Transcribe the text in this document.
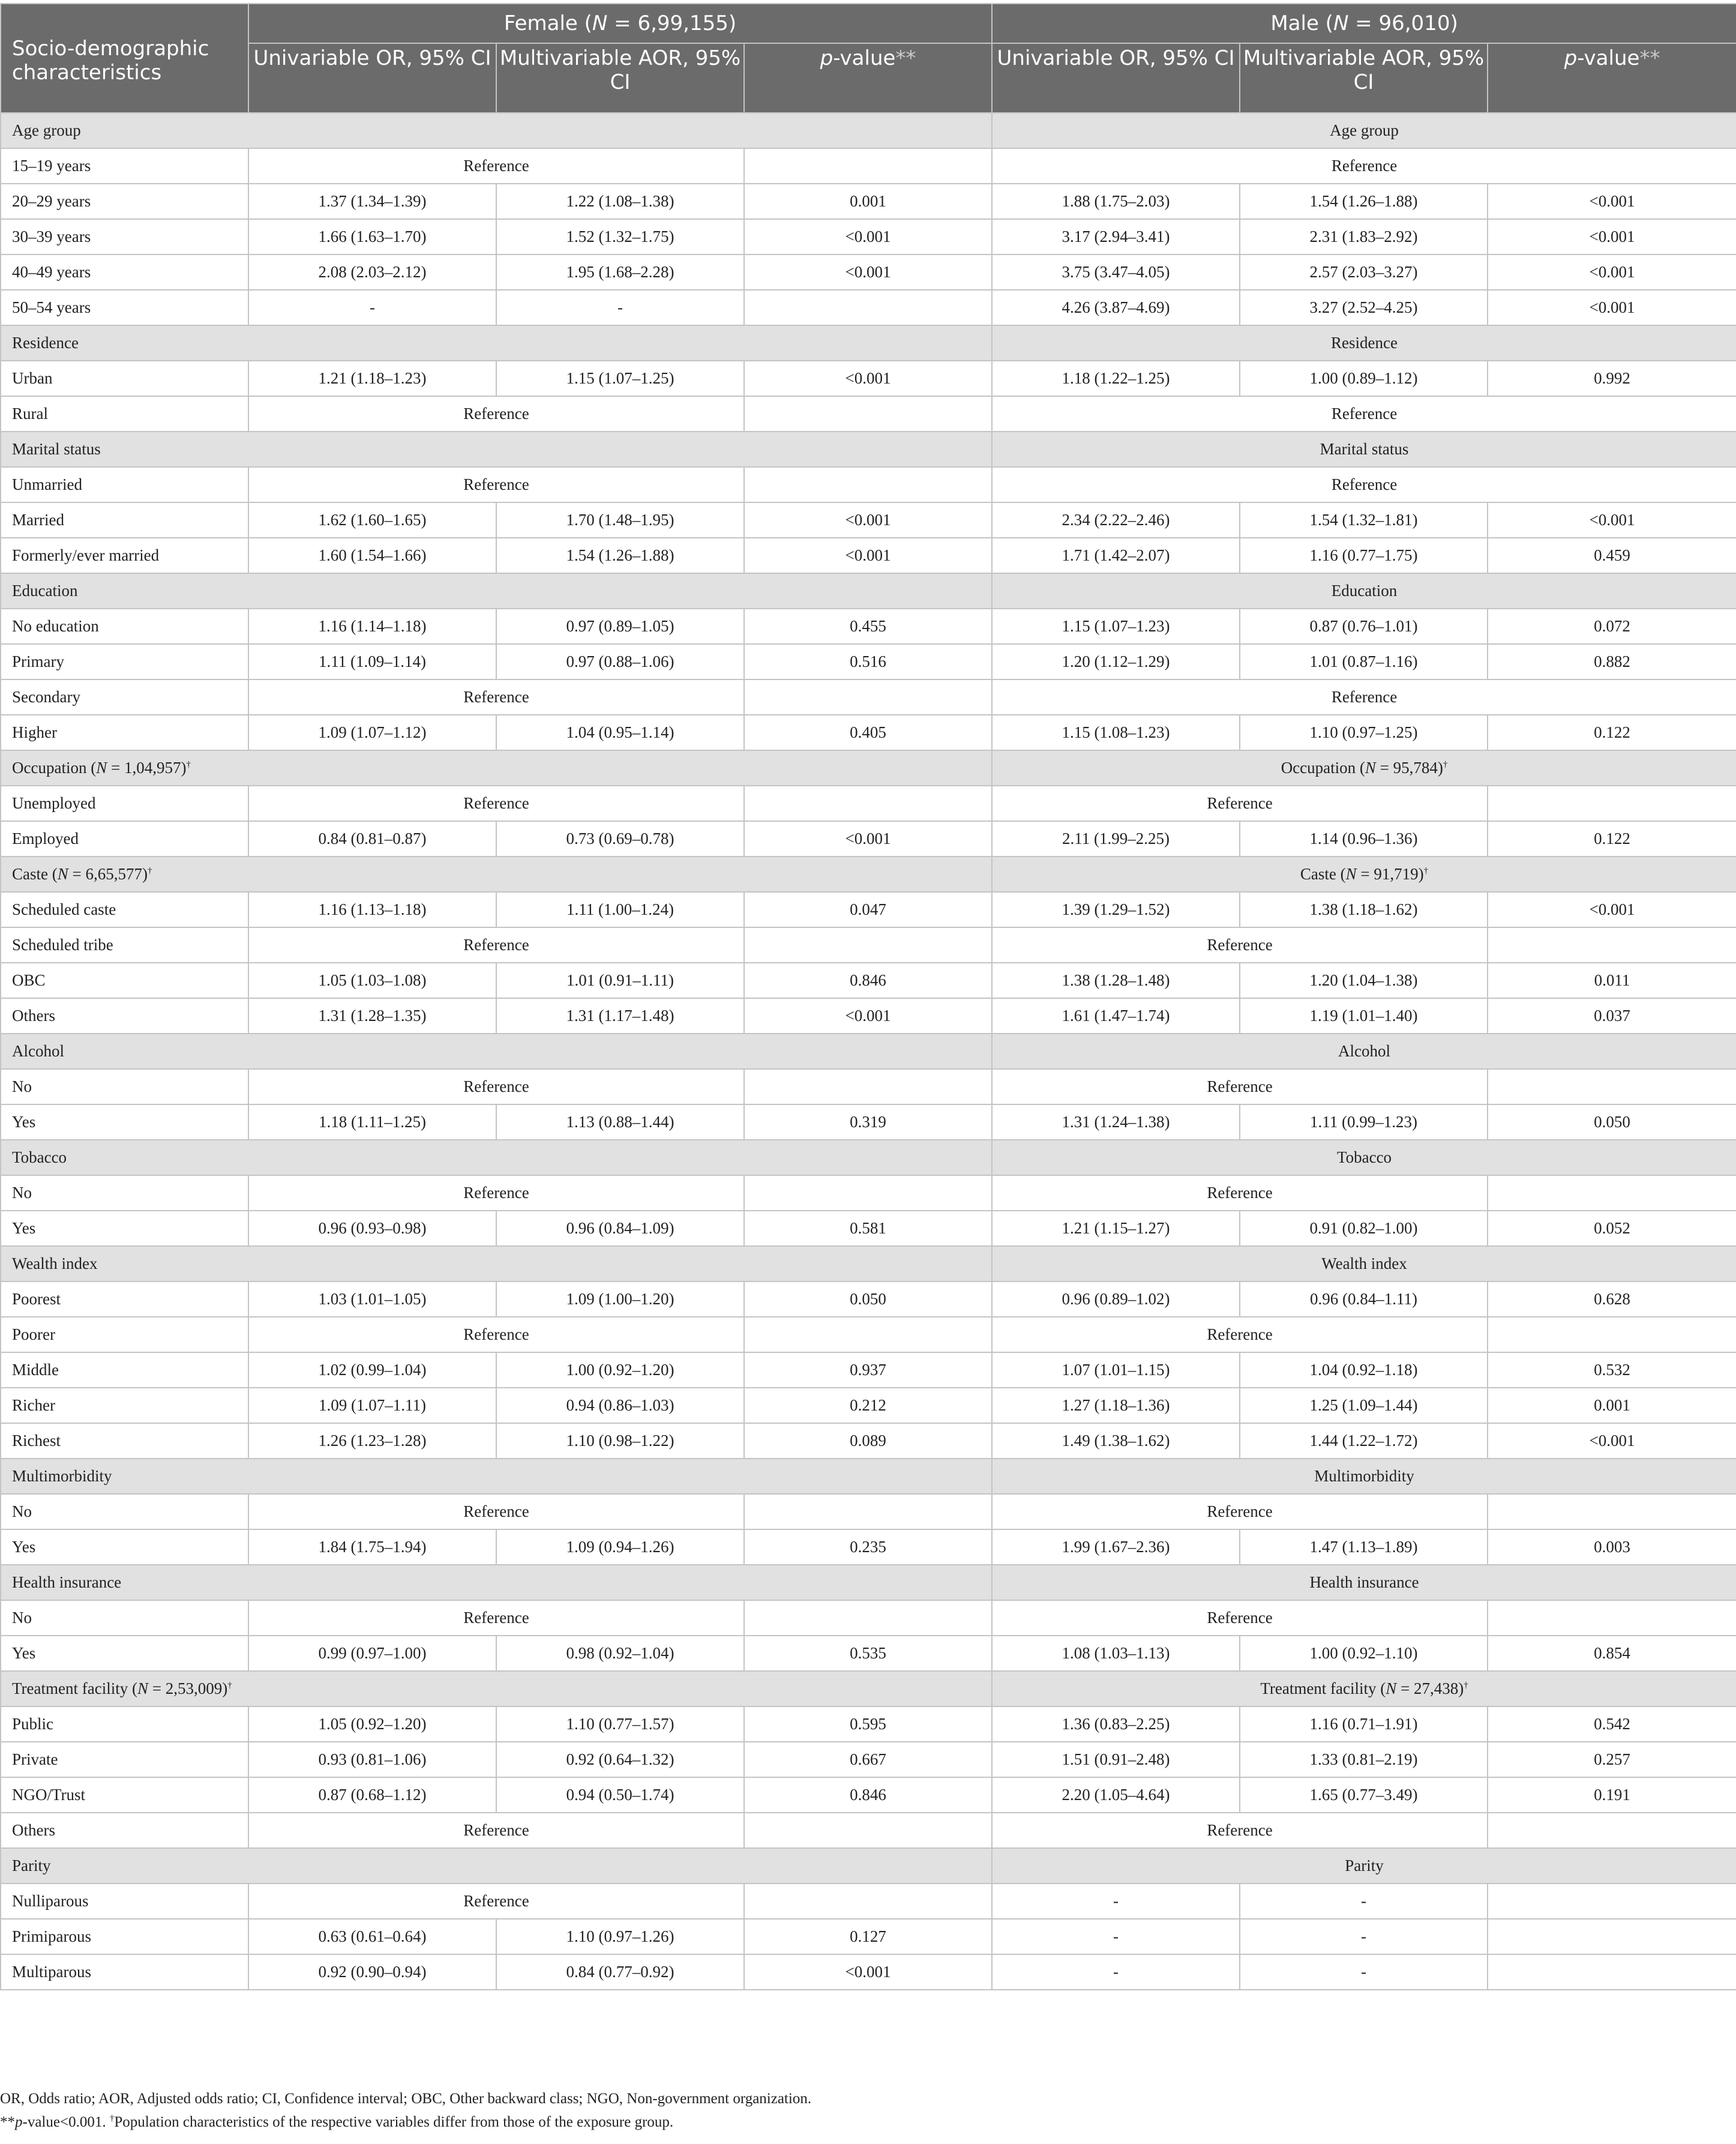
Socio-demographic characteristics	Female (N = 6,99,155)			Male (N = 96,010)		
	Univariable OR, 95% CI	Multivariable AOR, 95% CI	p-value**	Univariable OR, 95% CI	Multivariable AOR, 95% CI	p-value**
Age group				Age group		
15–19 years	Reference			Reference		
20–29 years	1.37 (1.34–1.39)	1.22 (1.08–1.38)	0.001	1.88 (1.75–2.03)	1.54 (1.26–1.88)	<0.001
30–39 years	1.66 (1.63–1.70)	1.52 (1.32–1.75)	<0.001	3.17 (2.94–3.41)	2.31 (1.83–2.92)	<0.001
40–49 years	2.08 (2.03–2.12)	1.95 (1.68–2.28)	<0.001	3.75 (3.47–4.05)	2.57 (2.03–3.27)	<0.001
50–54 years	-	-		4.26 (3.87–4.69)	3.27 (2.52–4.25)	<0.001
Residence				Residence		
Urban	1.21 (1.18–1.23)	1.15 (1.07–1.25)	<0.001	1.18 (1.22–1.25)	1.00 (0.89–1.12)	0.992
Rural	Reference			Reference		
Marital status				Marital status		
Unmarried	Reference			Reference		
Married	1.62 (1.60–1.65)	1.70 (1.48–1.95)	<0.001	2.34 (2.22–2.46)	1.54 (1.32–1.81)	<0.001
Formerly/ever married	1.60 (1.54–1.66)	1.54 (1.26–1.88)	<0.001	1.71 (1.42–2.07)	1.16 (0.77–1.75)	0.459
Education				Education		
No education	1.16 (1.14–1.18)	0.97 (0.89–1.05)	0.455	1.15 (1.07–1.23)	0.87 (0.76–1.01)	0.072
Primary	1.11 (1.09–1.14)	0.97 (0.88–1.06)	0.516	1.20 (1.12–1.29)	1.01 (0.87–1.16)	0.882
Secondary	Reference			Reference		
Higher	1.09 (1.07–1.12)	1.04 (0.95–1.14)	0.405	1.15 (1.08–1.23)	1.10 (0.97–1.25)	0.122
Occupation (N = 1,04,957)†				Occupation (N = 95,784)†
Unemployed	Reference			Reference		
Employed	0.84 (0.81–0.87)	0.73 (0.69–0.78)	<0.001	2.11 (1.99–2.25)	1.14 (0.96–1.36)	0.122
Caste (N = 6,65,577)†				Caste (N = 91,719)†
Scheduled caste	1.16 (1.13–1.18)	1.11 (1.00–1.24)	0.047	1.39 (1.29–1.52)	1.38 (1.18–1.62)	<0.001
Scheduled tribe	Reference			Reference		
OBC	1.05 (1.03–1.08)	1.01 (0.91–1.11)	0.846	1.38 (1.28–1.48)	1.20 (1.04–1.38)	0.011
Others	1.31 (1.28–1.35)	1.31 (1.17–1.48)	<0.001	1.61 (1.47–1.74)	1.19 (1.01–1.40)	0.037
Alcohol				Alcohol		
No	Reference			Reference		
Yes	1.18 (1.11–1.25)	1.13 (0.88–1.44)	0.319	1.31 (1.24–1.38)	1.11 (0.99–1.23)	0.050
Tobacco				Tobacco		
No	Reference			Reference		
Yes	0.96 (0.93–0.98)	0.96 (0.84–1.09)	0.581	1.21 (1.15–1.27)	0.91 (0.82–1.00)	0.052
Wealth index				Wealth index		
Poorest	1.03 (1.01–1.05)	1.09 (1.00–1.20)	0.050	0.96 (0.89–1.02)	0.96 (0.84–1.11)	0.628
Poorer	Reference			Reference		
Middle	1.02 (0.99–1.04)	1.00 (0.92–1.20)	0.937	1.07 (1.01–1.15)	1.04 (0.92–1.18)	0.532
Richer	1.09 (1.07–1.11)	0.94 (0.86–1.03)	0.212	1.27 (1.18–1.36)	1.25 (1.09–1.44)	0.001
Richest	1.26 (1.23–1.28)	1.10 (0.98–1.22)	0.089	1.49 (1.38–1.62)	1.44 (1.22–1.72)	<0.001
Multimorbidity				Multimorbidity		
No	Reference			Reference		
Yes	1.84 (1.75–1.94)	1.09 (0.94–1.26)	0.235	1.99 (1.67–2.36)	1.47 (1.13–1.89)	0.003
Health insurance				Health insurance		
No	Reference			Reference		
Yes	0.99 (0.97–1.00)	0.98 (0.92–1.04)	0.535	1.08 (1.03–1.13)	1.00 (0.92–1.10)	0.854
Treatment facility (N = 2,53,009)†				Treatment facility (N = 27,438)†
Public	1.05 (0.92–1.20)	1.10 (0.77–1.57)	0.595	1.36 (0.83–2.25)	1.16 (0.71–1.91)	0.542
Private	0.93 (0.81–1.06)	0.92 (0.64–1.32)	0.667	1.51 (0.91–2.48)	1.33 (0.81–2.19)	0.257
NGO/Trust	0.87 (0.68–1.12)	0.94 (0.50–1.74)	0.846	2.20 (1.05–4.64)	1.65 (0.77–3.49)	0.191
Others	Reference			Reference		
Parity				Parity		
Nulliparous	Reference			-	-	
Primiparous	0.63 (0.61–0.64)	1.10 (0.97–1.26)	0.127	-	-	
Multiparous	0.92 (0.90–0.94)	0.84 (0.77–0.92)	<0.001	-	-	
OR, Odds ratio; AOR, Adjusted odds ratio; CI, Confidence interval; OBC, Other backward class; NGO, Non-government organization.
**p-value<0.001. †Population characteristics of the respective variables differ from those of the exposure group.
